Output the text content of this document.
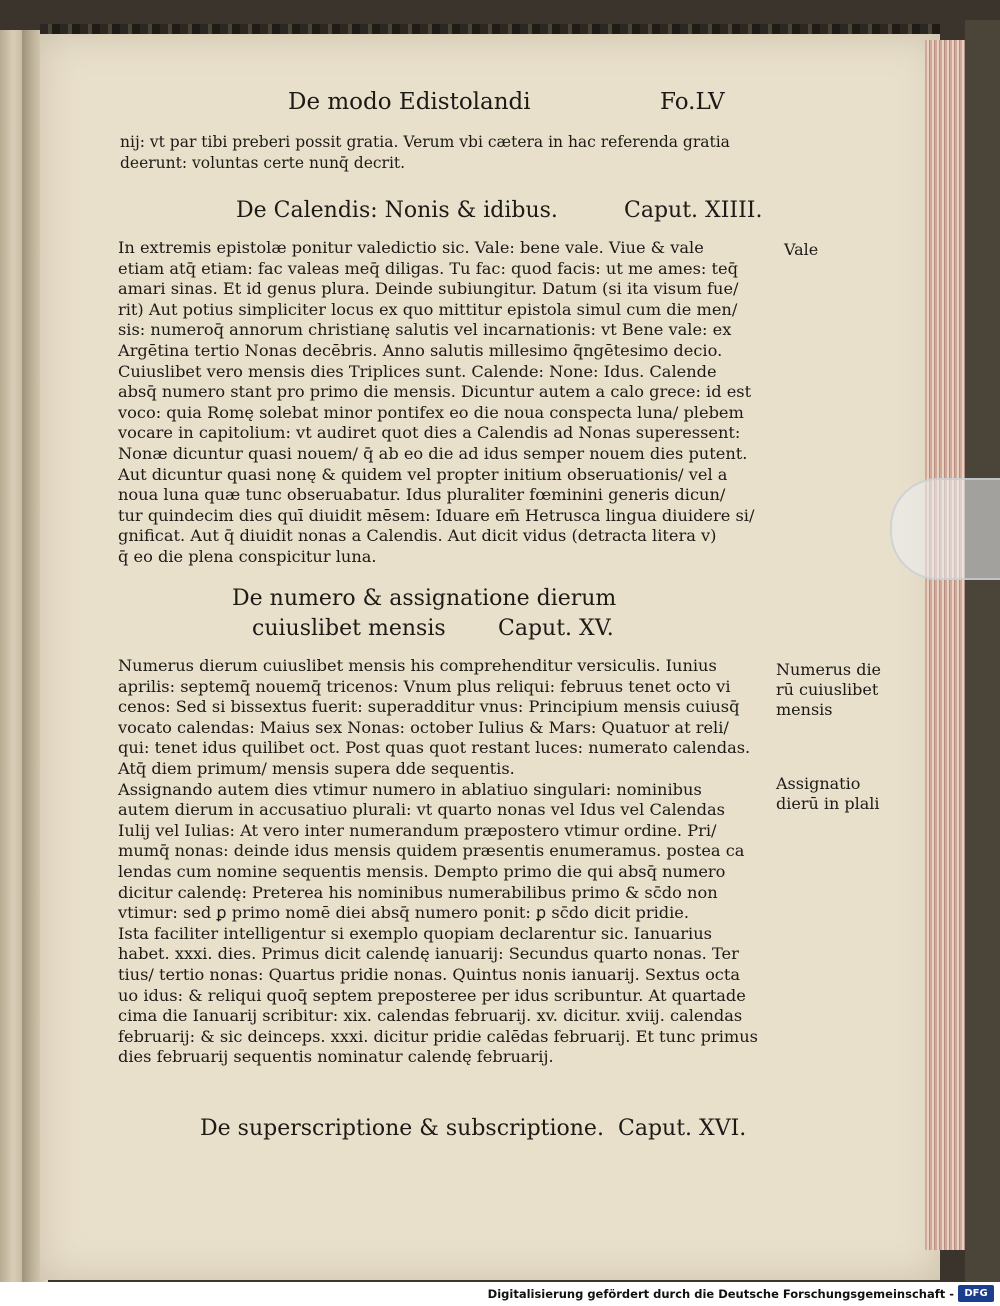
De modo Edistolandi	Fo.LV
nij: vt par tibi preberi possit gratia. Verum vbi cætera in hac referenda gratia
deerunt: voluntas certe nunq̄ decrit.
De Calendis: Nonis & idibus.	Caput. XIIII.
In extremis epistolæ ponitur valedictio sic. Vale: bene vale. Viue & vale
etiam atq̄ etiam: fac valeas meq̄ diligas. Tu fac: quod facis: ut me ames: teq̄
amari sinas. Et id genus plura. Deinde subiungitur. Datum (si ita visum fue/
rit) Aut potius simpliciter locus ex quo mittitur epistola simul cum die men/
sis: numeroq̄ annorum christianę salutis vel incarnationis: vt Bene vale: ex
Argētina tertio Nonas decēbris. Anno salutis millesimo q̄ngētesimo decio.
Cuiuslibet vero mensis dies Triplices sunt. Calende: None: Idus. Calende
absq̄ numero stant pro primo die mensis. Dicuntur autem a calo grece: id est
voco: quia Romę solebat minor pontifex eo die noua conspecta luna/ plebem
vocare in capitolium: vt audiret quot dies a Calendis ad Nonas superessent:
Nonæ dicuntur quasi nouem/ q̄ ab eo die ad idus semper nouem dies putent.
Aut dicuntur quasi nonę & quidem vel propter initium obseruationis/ vel a
noua luna quæ tunc obseruabatur. Idus pluraliter fœminini generis dicun/
tur quindecim dies quī diuidit mēsem: Iduare em̄ Hetrusca lingua diuidere si/
gnificat. Aut q̄ diuidit nonas a Calendis. Aut dicit vidus (detracta litera v)
q̄ eo die plena conspicitur luna.
Vale
De numero & assignatione dierum
cuiuslibet mensis Caput. XV.
Numerus dierum cuiuslibet mensis his comprehenditur versiculis. Iunius
aprilis: septemq̄ nouemq̄ tricenos: Vnum plus reliqui: februus tenet octo vi
cenos: Sed si bissextus fuerit: superadditur vnus: Principium mensis cuiusq̄
vocato calendas: Maius sex Nonas: october Iulius & Mars: Quatuor at reli/
qui: tenet idus quilibet oct. Post quas quot restant luces: numerato calendas.
Atq̄ diem primum/ mensis supera dde sequentis.
Assignando autem dies vtimur numero in ablatiuo singulari: nominibus
autem dierum in accusatiuo plurali: vt quarto nonas vel Idus vel Calendas
Iulij vel Iulias: At vero inter numerandum præpostero vtimur ordine. Pri/
mumq̄ nonas: deinde idus mensis quidem præsentis enumeramus. postea ca
lendas cum nomine sequentis mensis. Dempto primo die qui absq̄ numero
dicitur calendę: Preterea his nominibus numerabilibus primo & sc̄do non
vtimur: sed ꝑ primo nomē diei absq̄ numero ponit: ꝑ sc̄do dicit pridie.
Ista faciliter intelligentur si exemplo quopiam declarentur sic. Ianuarius
habet. xxxi. dies. Primus dicit calendę ianuarij: Secundus quarto nonas. Ter
tius/ tertio nonas: Quartus pridie nonas. Quintus nonis ianuarij. Sextus octa
uo idus: & reliqui quoq̄ septem preposteree per idus scribuntur. At quartade
cima die Ianuarij scribitur: xix. calendas februarij. xv. dicitur. xviij. calendas
februarij: & sic deinceps. xxxi. dicitur pridie calēdas februarij. Et tunc primus
dies februarij sequentis nominatur calendę februarij.
Numerus die rū cuiuslibet mensis
Assignatio dierū in plali
De superscriptione & subscriptione. Caput. XVI.
Digitalisierung gefördert durch die Deutsche Forschungsgemeinschaft -	DFG
